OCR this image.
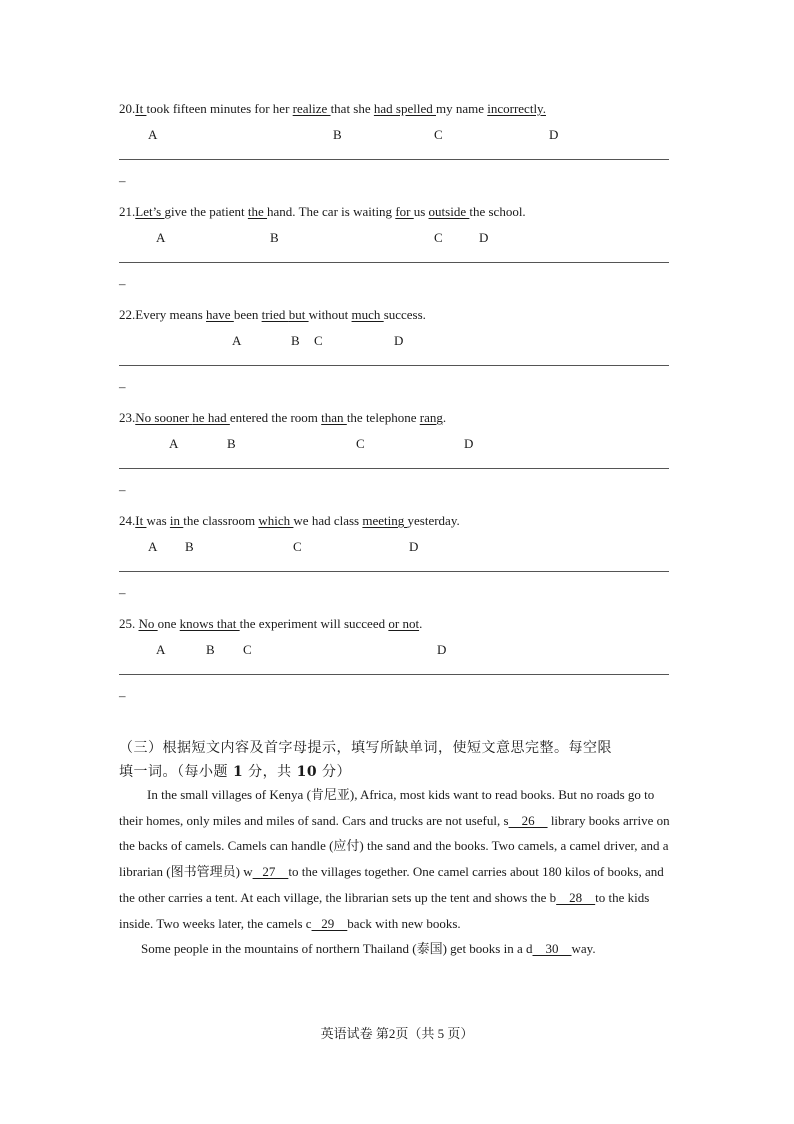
20.It took fifteen minutes for her realize that she had spelled my name incorrectly.
A	B	C	D
–
21.Let’s give the patient the hand. The car is waiting for us outside the school.
A	B	C	D
–
22.Every means have been tried but without much success.
A	B C	D
–
23.No sooner he had entered the room than the telephone rang.
A	B	C	D
–
24.It was in the classroom which we had class meeting yesterday.
A B	C	D
–
25. No one knows that the experiment will succeed or not.
A	B C	D
–
（三）根据短文内容及首字母提示，填写所缺单词，使短文意思完整。每空限
填一词。（每小题 1 分，共 10 分）

In the small villages of Kenya (肯尼亚), Africa, most kids want to read books. But no roads go to their homes, only miles and miles of sand. Cars and trucks are not useful, s    26     library books arrive on the backs of camels. Camels can handle (应付) the sand and the books. Two camels, a camel driver, and a librarian (图书管理员) w   27    to the villages together. One camel carries about 180 kilos of books, and the other carries a tent. At each village, the librarian sets up the tent and shows the b    28    to the kids inside. Two weeks later, the camels c   29    back with new books.

Some people in the mountains of northern Thailand (泰国) get books in a d    30    way.

英语试卷 第2页（共 5 页）
